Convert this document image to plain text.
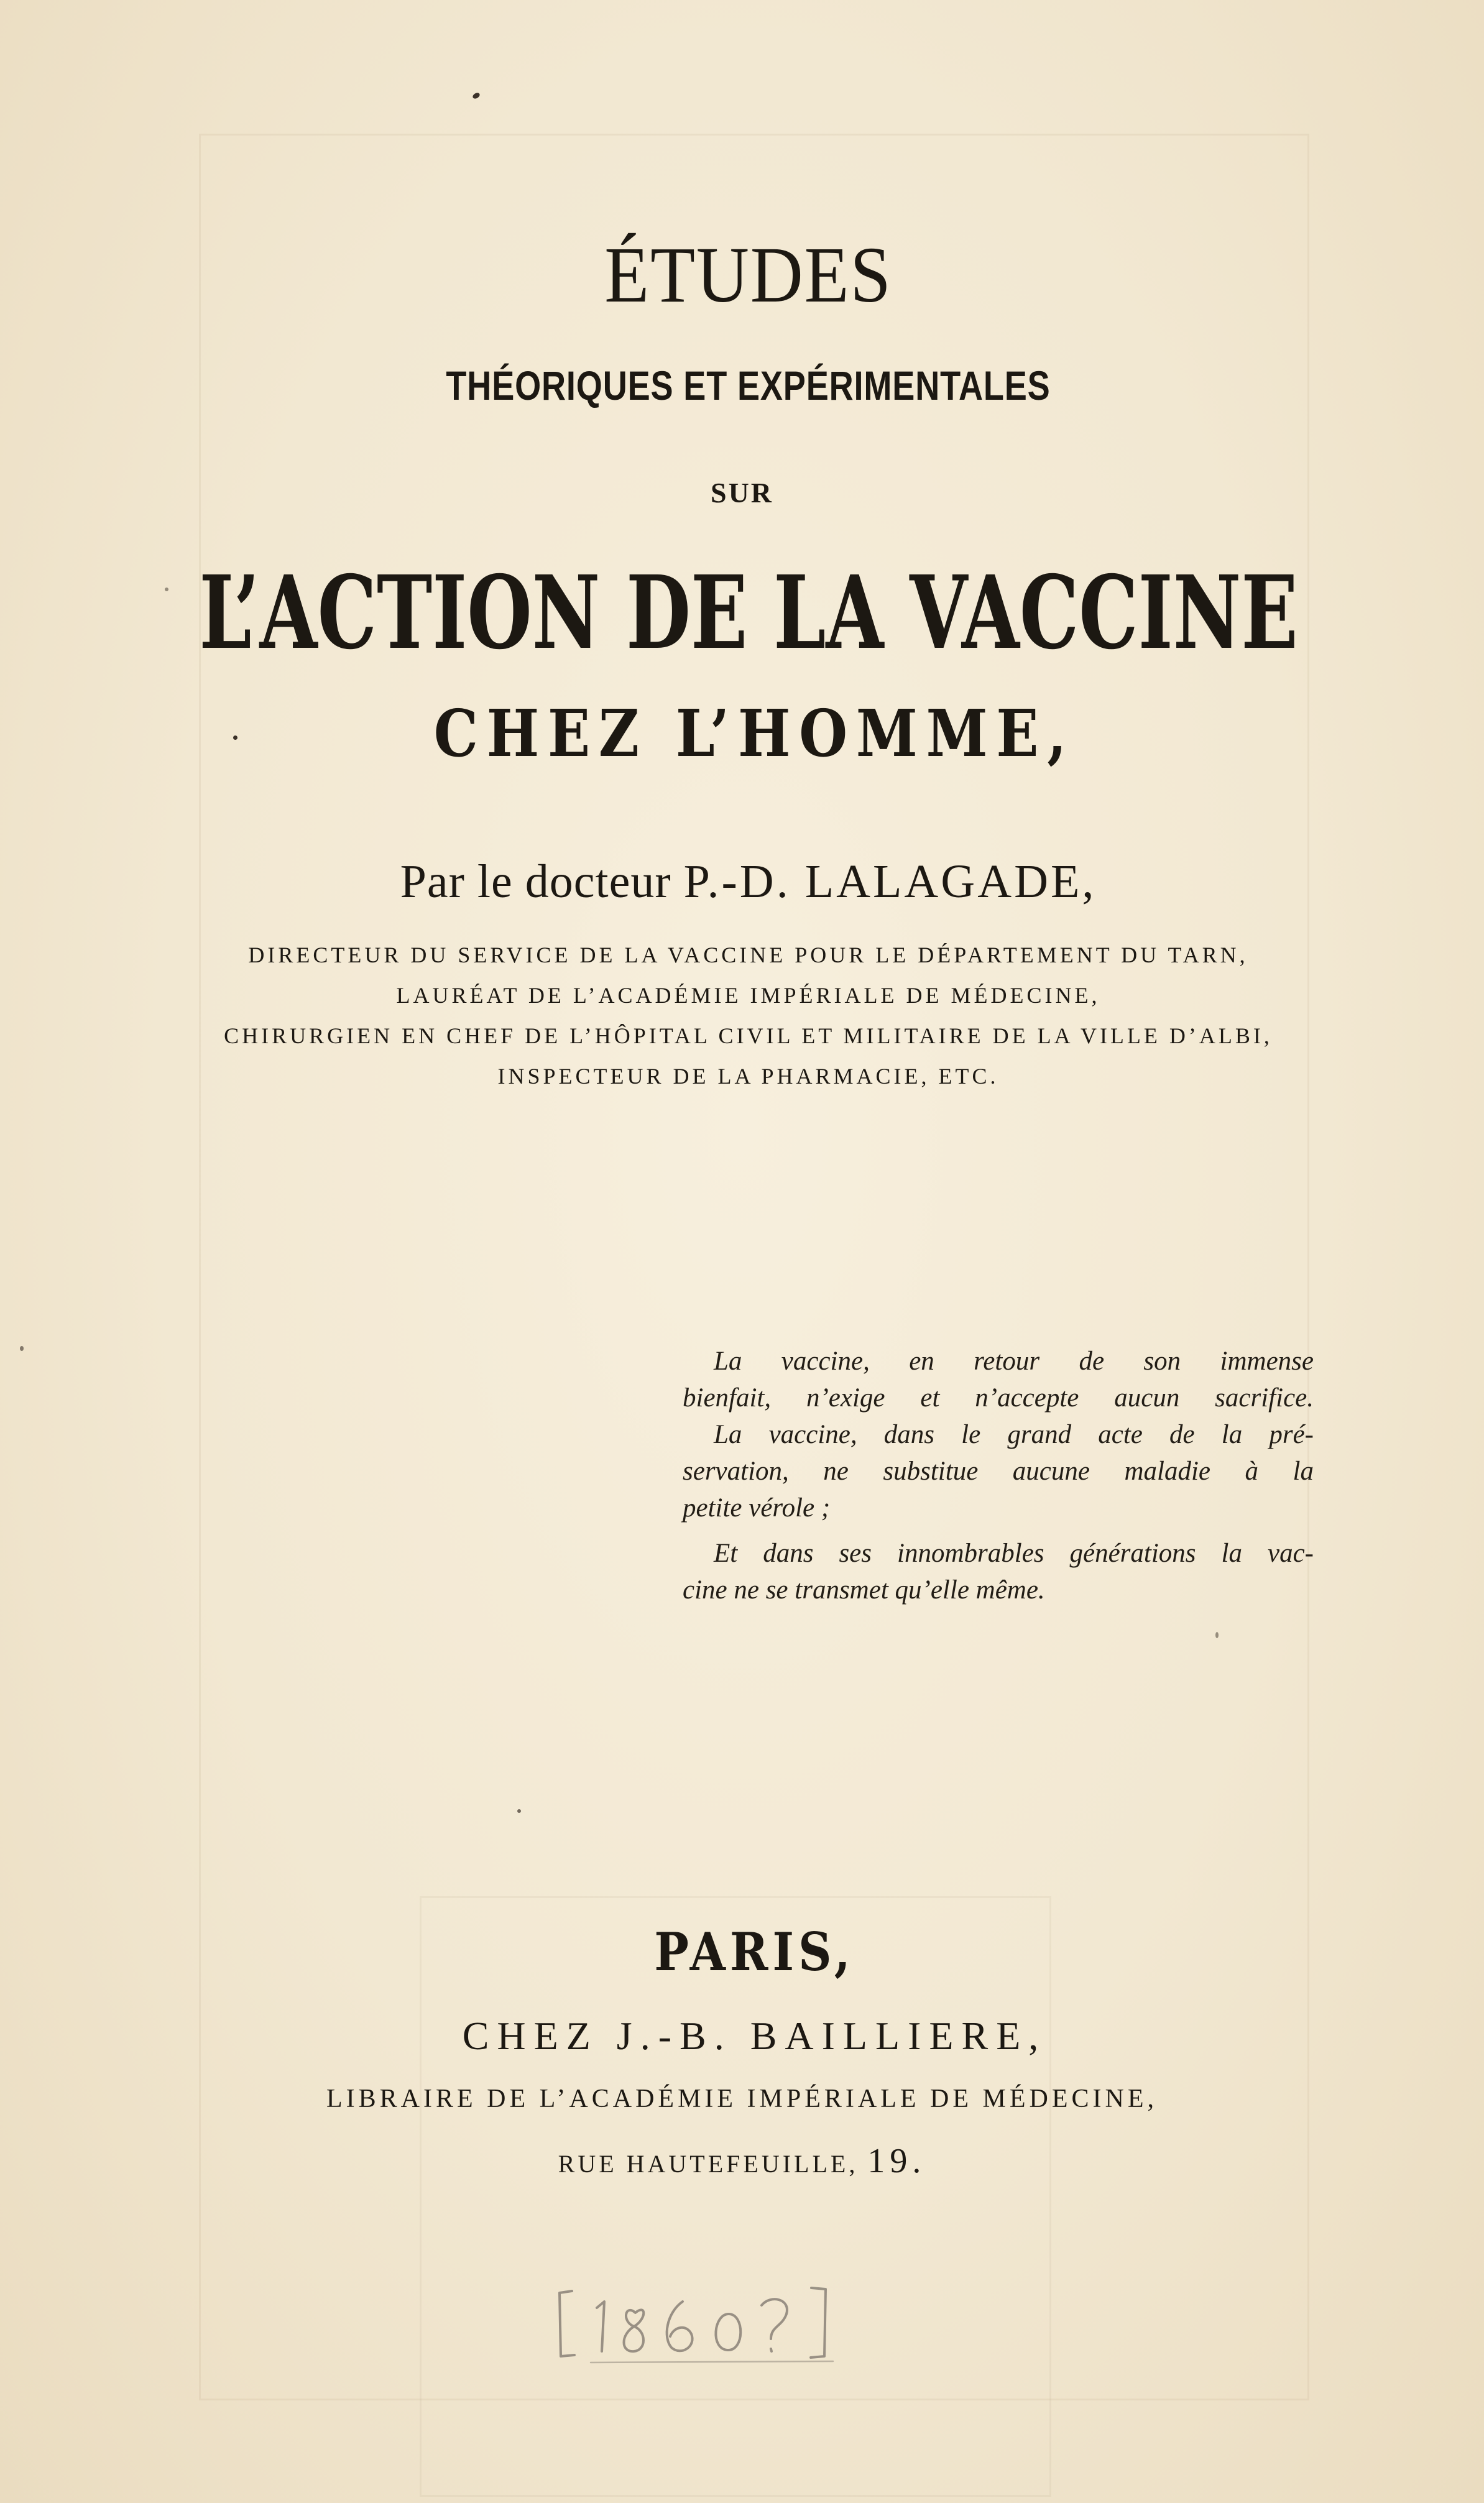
ÉTUDES
THÉORIQUES ET EXPÉRIMENTALES
SUR
L’ACTION DE LA VACCINE
CHEZ L’HOMME,
Par le docteur P.-D. LALAGADE,
DIRECTEUR DU SERVICE DE LA VACCINE POUR LE DÉPARTEMENT DU TARN,
LAURÉAT DE L’ACADÉMIE IMPÉRIALE DE MÉDECINE,
CHIRURGIEN EN CHEF DE L’HÔPITAL CIVIL ET MILITAIRE DE LA VILLE D’ALBI,
INSPECTEUR DE LA PHARMACIE, ETC.
La vaccine, en retour de son immense
bienfait, n’exige et n’accepte aucun sacrifice.
La vaccine, dans le grand acte de la pré-
servation, ne substitue aucune maladie à la
petite vérole ;
Et dans ses innombrables générations la vac-
cine ne se transmet qu’elle même.
PARIS,
CHEZ J.-B. BAILLIERE,
LIBRAIRE DE L’ACADÉMIE IMPÉRIALE DE MÉDECINE,
RUE HAUTEFEUILLE, 19.
